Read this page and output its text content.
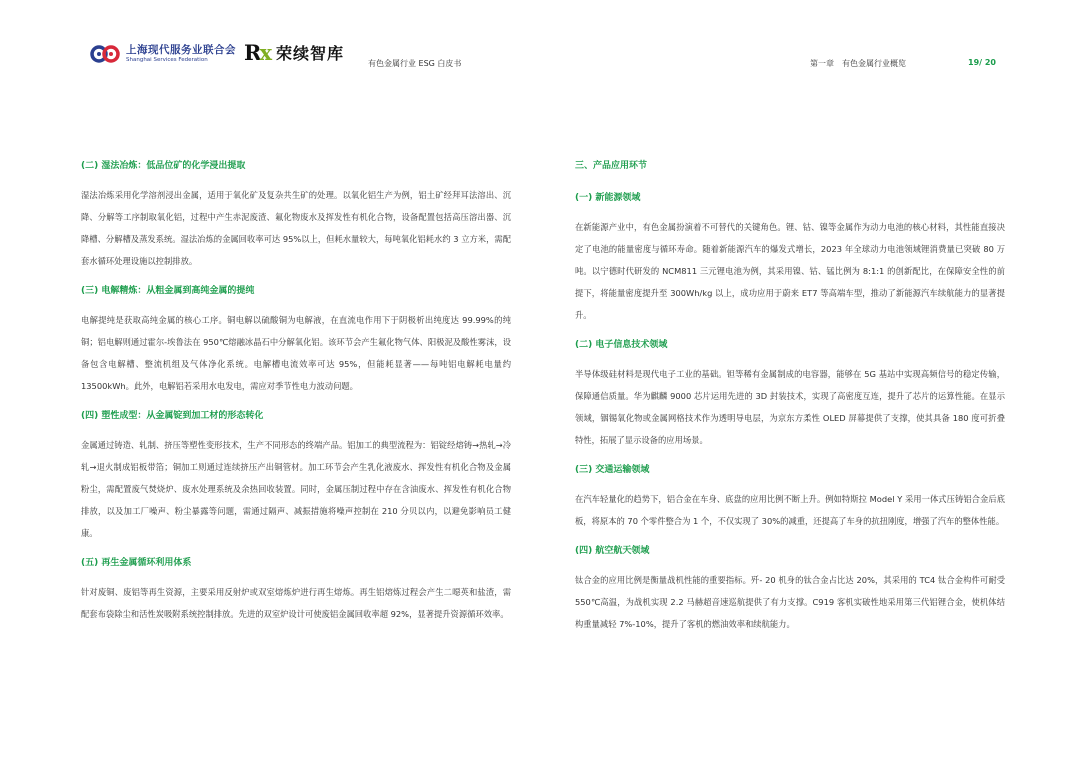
上海现代服务业联合会
Shanghai Services Federation	Rx 荣续智库
有色金属行业 ESG 白皮书	第一章　有色金属行业概览	19/ 20

(二) 湿法冶炼：低品位矿的化学浸出提取

湿法冶炼采用化学溶剂浸出金属，适用于氧化矿及复杂共生矿的处理。以氧化铝生产为例，铝土矿经拜耳法溶出、沉降、分解等工序制取氧化铝，过程中产生赤泥废渣、氟化物废水及挥发性有机化合物，设备配置包括高压溶出器、沉降槽、分解槽及蒸发系统。湿法冶炼的金属回收率可达 95%以上，但耗水量较大，每吨氧化铝耗水约 3 立方米，需配套水循环处理设施以控制排放。

(三) 电解精炼：从粗金属到高纯金属的提纯

电解提纯是获取高纯金属的核心工序。铜电解以硫酸铜为电解液，在直流电作用下于阴极析出纯度达 99.99%的纯铜；铝电解则通过霍尔-埃鲁法在 950℃熔融冰晶石中分解氧化铝。该环节会产生氟化物气体、阳极泥及酸性雾沫，设备包含电解槽、整流机组及气体净化系统。电解槽电流效率可达 95%，但能耗显著——每吨铝电解耗电量约 13500kWh。此外，电解铝若采用水电发电，需应对季节性电力波动问题。

(四) 塑性成型：从金属锭到加工材的形态转化

金属通过铸造、轧制、挤压等塑性变形技术，生产不同形态的终端产品。铝加工的典型流程为：铝锭经熔铸→热轧→冷轧→退火制成铝板带箔；铜加工则通过连续挤压产出铜管材。加工环节会产生乳化液废水、挥发性有机化合物及金属粉尘，需配置废气焚烧炉、废水处理系统及余热回收装置。同时，金属压制过程中存在含油废水、挥发性有机化合物排放，以及加工厂噪声、粉尘暴露等问题，需通过隔声、减振措施将噪声控制在 210 分贝以内，以避免影响员工健康。

(五) 再生金属循环利用体系

针对废铜、废铝等再生资源，主要采用反射炉或双室熔炼炉进行再生熔炼。再生铝熔炼过程会产生二噁英和盐渣，需配套布袋除尘和活性炭吸附系统控制排放。先进的双室炉设计可使废铝金属回收率超 92%，显著提升资源循环效率。

三、产品应用环节

(一) 新能源领域

在新能源产业中，有色金属扮演着不可替代的关键角色。锂、钴、镍等金属作为动力电池的核心材料，其性能直接决定了电池的能量密度与循环寿命。随着新能源汽车的爆发式增长，2023 年全球动力电池领域锂消费量已突破 80 万吨。以宁德时代研发的 NCM811 三元锂电池为例，其采用镍、钴、锰比例为 8:1:1 的创新配比，在保障安全性的前提下，将能量密度提升至 300Wh/kg 以上，成功应用于蔚来 ET7 等高端车型，推动了新能源汽车续航能力的显著提升。

(二) 电子信息技术领域

半导体级硅材料是现代电子工业的基础。钽等稀有金属制成的电容器，能够在 5G 基站中实现高频信号的稳定传输，保障通信质量。华为麒麟 9000 芯片运用先进的 3D 封装技术，实现了高密度互连，提升了芯片的运算性能。在显示领域，铟锡氧化物或金属网格技术作为透明导电层，为京东方柔性 OLED 屏幕提供了支撑，使其具备 180 度可折叠特性，拓展了显示设备的应用场景。

(三) 交通运输领域

在汽车轻量化的趋势下，铝合金在车身、底盘的应用比例不断上升。例如特斯拉 Model Y 采用一体式压铸铝合金后底板，将原本的 70 个零件整合为 1 个，不仅实现了 30%的减重，还提高了车身的抗扭刚度，增强了汽车的整体性能。

(四) 航空航天领域

钛合金的应用比例是衡量战机性能的重要指标。歼- 20 机身的钛合金占比达 20%，其采用的 TC4 钛合金构件可耐受 550℃高温，为战机实现 2.2 马赫超音速巡航提供了有力支撑。C919 客机实破性地采用第三代铝锂合金，使机体结构重量减轻 7%-10%，提升了客机的燃油效率和续航能力。
